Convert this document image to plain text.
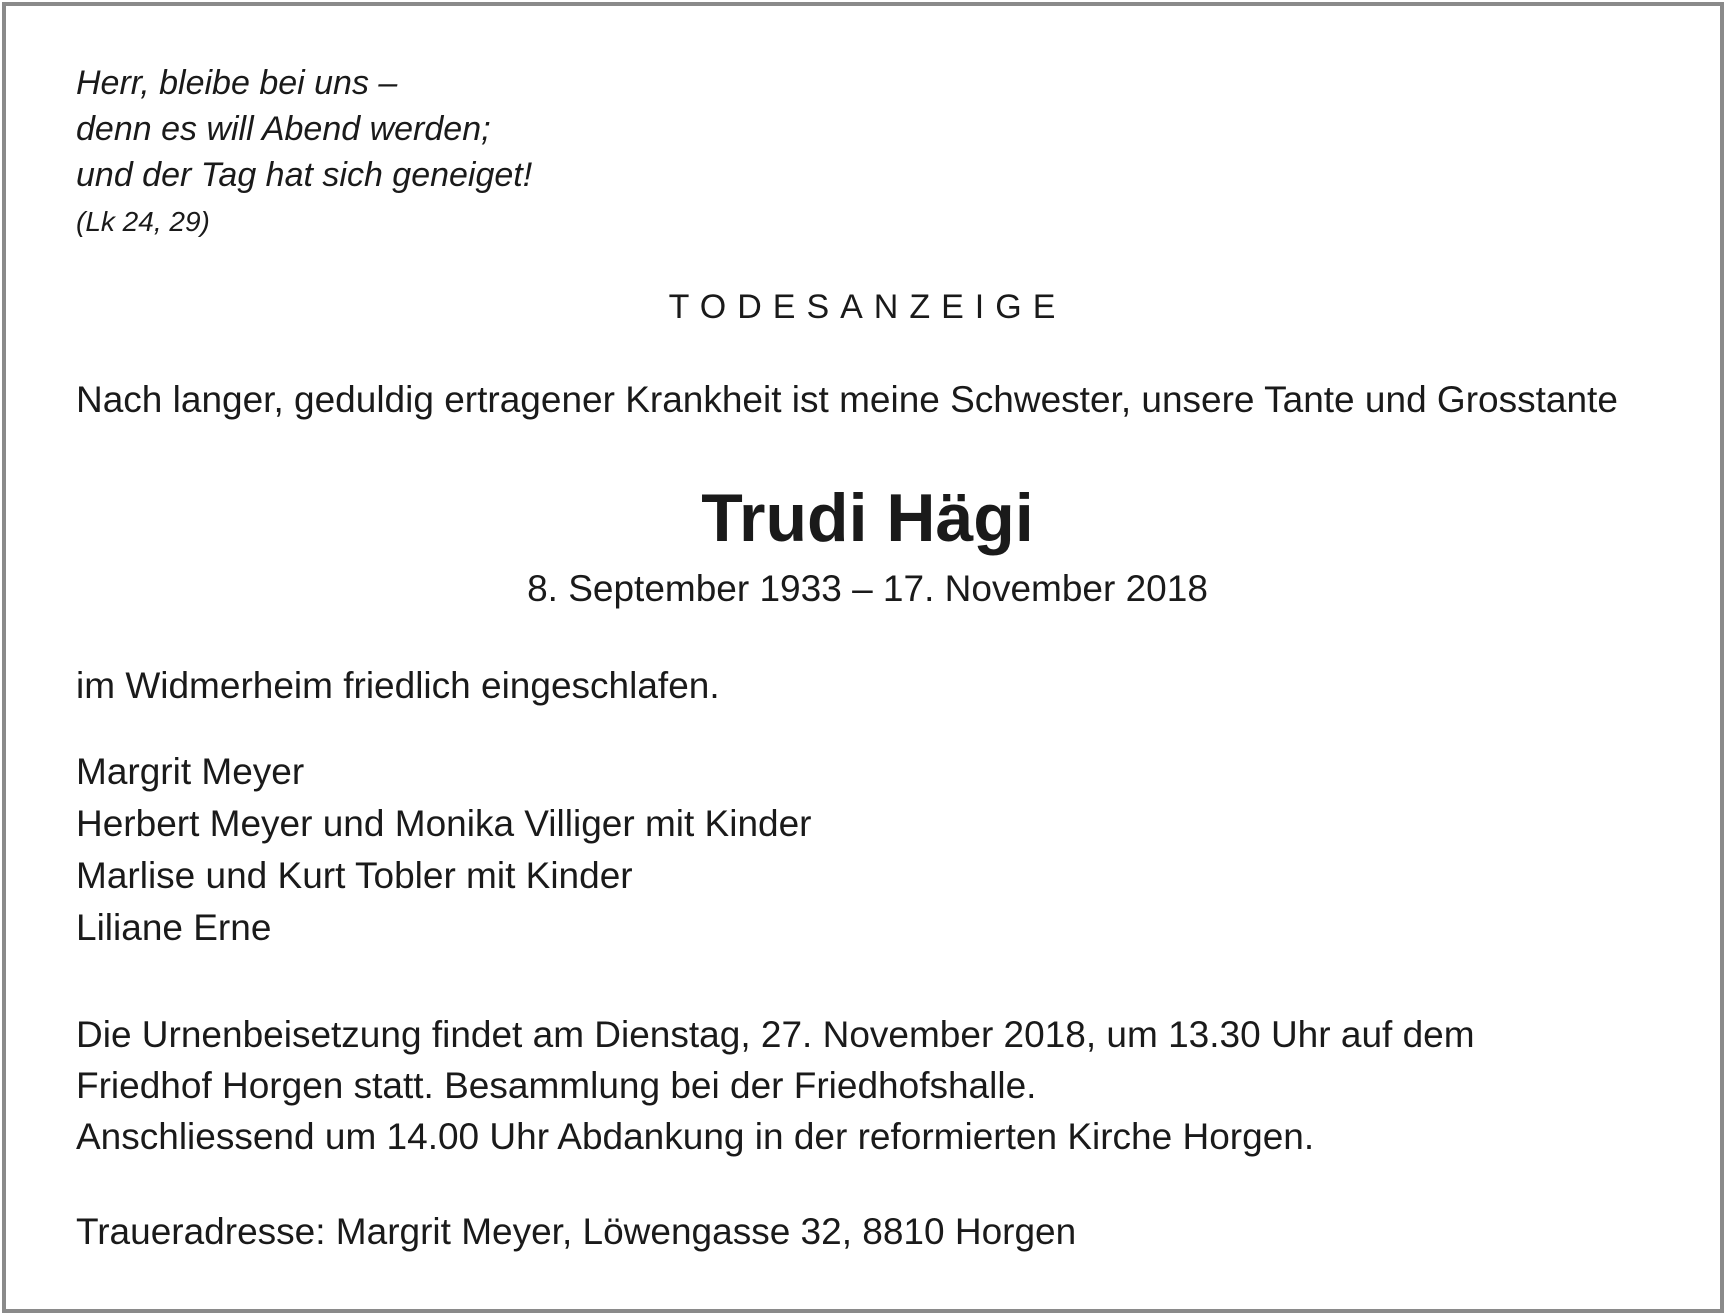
Herr, bleibe bei uns –
denn es will Abend werden;
und der Tag hat sich geneiget!
(Lk 24, 29)
TODESANZEIGE
Nach langer, geduldig ertragener Krankheit ist meine Schwester, unsere Tante und Grosstante
Trudi Hägi
8. September 1933 – 17. November 2018
im Widmerheim friedlich eingeschlafen.
Margrit Meyer
Herbert Meyer und Monika Villiger mit Kinder
Marlise und Kurt Tobler mit Kinder
Liliane Erne
Die Urnenbeisetzung findet am Dienstag, 27. November 2018, um 13.30 Uhr auf dem
Friedhof Horgen statt. Besammlung bei der Friedhofshalle.
Anschliessend um 14.00 Uhr Abdankung in der reformierten Kirche Horgen.
Traueradresse: Margrit Meyer, Löwengasse 32, 8810 Horgen
